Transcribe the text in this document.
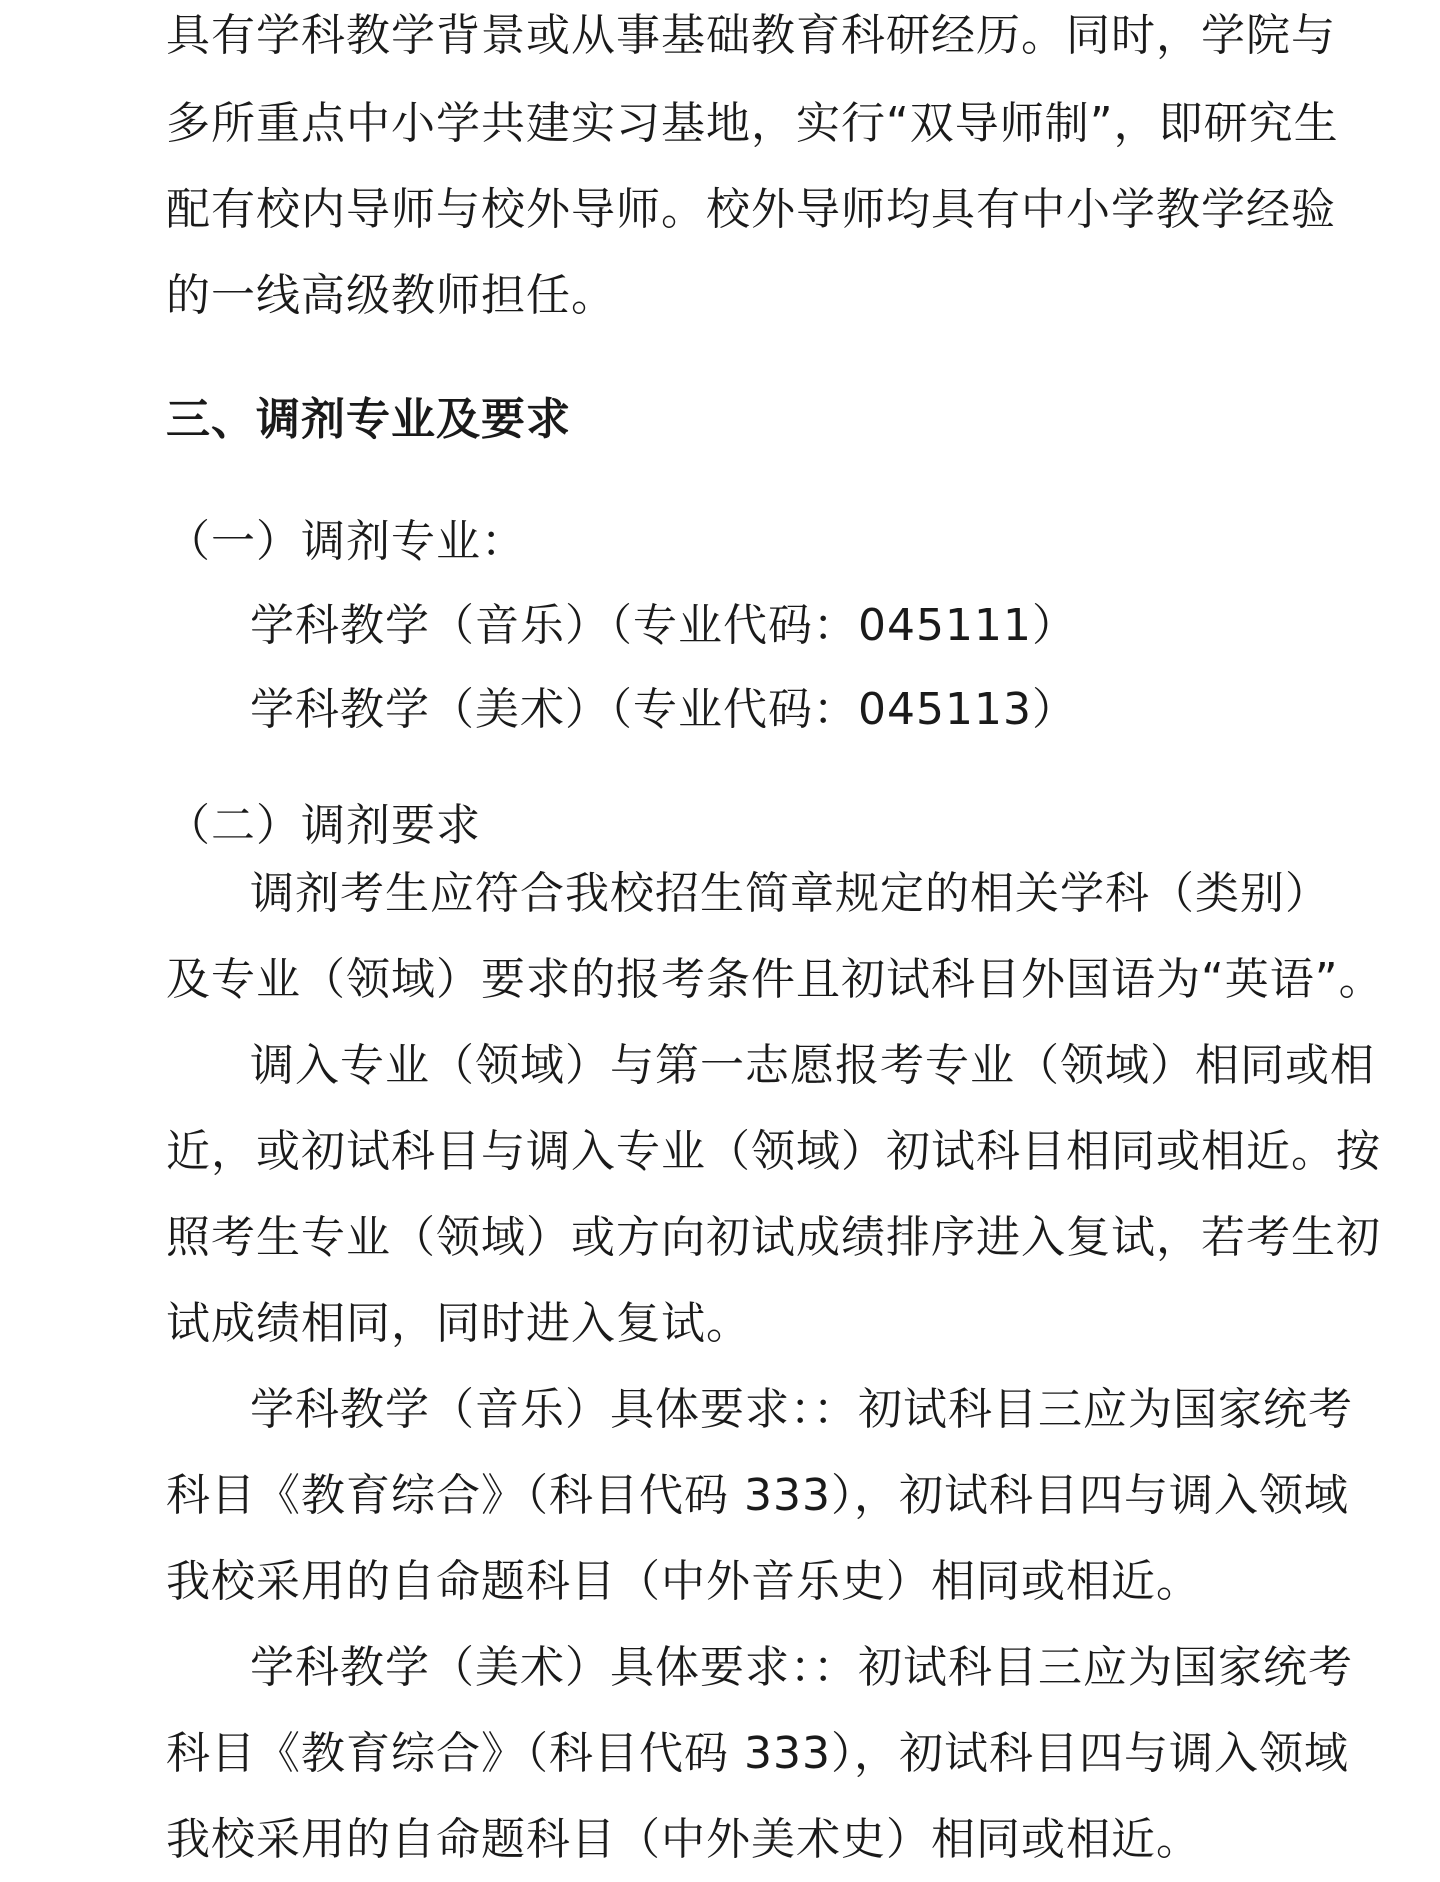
具有学科教学背景或从事基础教育科研经历。同时，学院与
多所重点中小学共建实习基地，实行“双导师制”，即研究生
配有校内导师与校外导师。校外导师均具有中小学教学经验
的一线高级教师担任。
三、调剂专业及要求
（一）调剂专业：
学科教学（音乐）（专业代码：045111）
学科教学（美术）（专业代码：045113）
（二）调剂要求
调剂考生应符合我校招生简章规定的相关学科（类别）
及专业（领域）要求的报考条件且初试科目外国语为“英语”。
调入专业（领域）与第一志愿报考专业（领域）相同或相
近，或初试科目与调入专业（领域）初试科目相同或相近。按
照考生专业（领域）或方向初试成绩排序进入复试，若考生初
试成绩相同，同时进入复试。
学科教学（音乐）具体要求：：初试科目三应为国家统考
科目《教育综合》（科目代码 333），初试科目四与调入领域
我校采用的自命题科目（中外音乐史）相同或相近。
学科教学（美术）具体要求：：初试科目三应为国家统考
科目《教育综合》（科目代码 333），初试科目四与调入领域
我校采用的自命题科目（中外美术史）相同或相近。
